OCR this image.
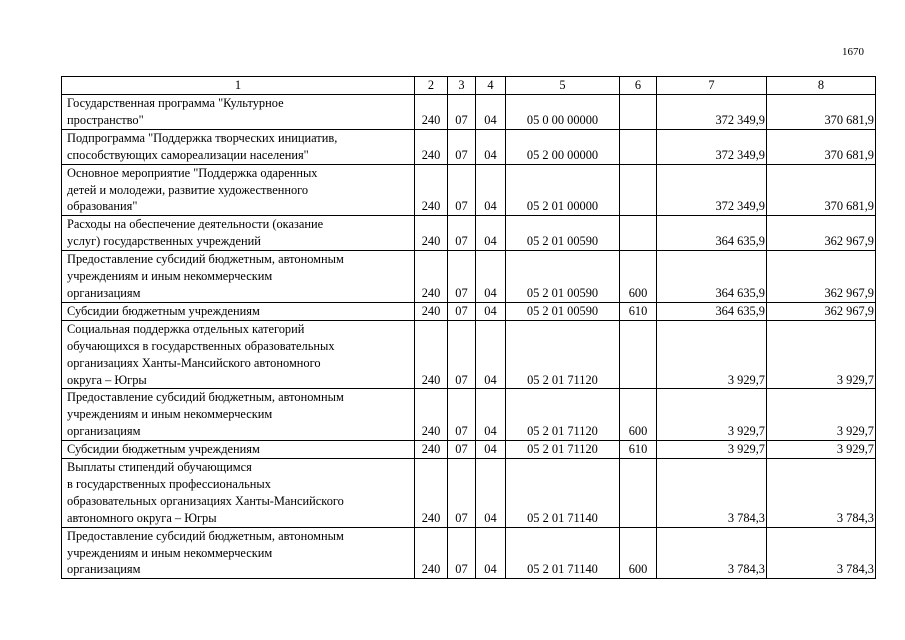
1670
1	2	3	4	5	6	7	8

Государственная программа "Культурное
пространство"	240	07	04	05 0 00 00000		372 349,9	370 681,9

Подпрограмма "Поддержка творческих инициатив,
способствующих самореализации населения"	240	07	04	05 2 00 00000		372 349,9	370 681,9

Основное мероприятие "Поддержка одаренных
детей и молодежи, развитие художественного
образования"	240	07	04	05 2 01 00000		372 349,9	370 681,9

Расходы на обеспечение деятельности (оказание
услуг) государственных учреждений	240	07	04	05 2 01 00590		364 635,9	362 967,9

Предоставление субсидий бюджетным, автономным
учреждениям и иным некоммерческим
организациям	240	07	04	05 2 01 00590	600	364 635,9	362 967,9

Субсидии бюджетным учреждениям	240	07	04	05 2 01 00590	610	364 635,9	362 967,9

Социальная поддержка отдельных категорий
обучающихся в государственных образовательных
организациях Ханты-Мансийского автономного
округа – Югры	240	07	04	05 2 01 71120		3 929,7	3 929,7

Предоставление субсидий бюджетным, автономным
учреждениям и иным некоммерческим
организациям	240	07	04	05 2 01 71120	600	3 929,7	3 929,7

Субсидии бюджетным учреждениям	240	07	04	05 2 01 71120	610	3 929,7	3 929,7

Выплаты стипендий обучающимся
в государственных профессиональных
образовательных организациях Ханты-Мансийского
автономного округа – Югры	240	07	04	05 2 01 71140		3 784,3	3 784,3

Предоставление субсидий бюджетным, автономным
учреждениям и иным некоммерческим
организациям	240	07	04	05 2 01 71140	600	3 784,3	3 784,3
